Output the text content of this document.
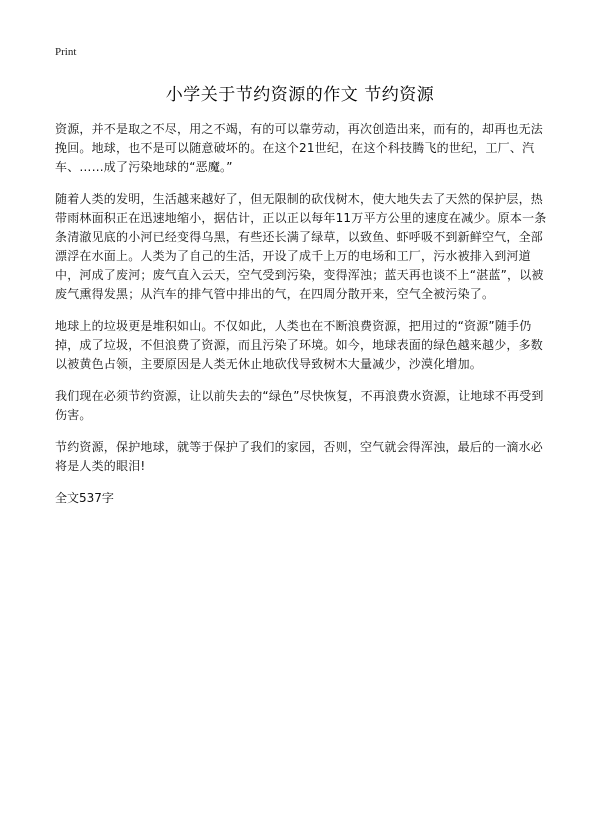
Print
小学关于节约资源的作文 节约资源

资源，并不是取之不尽，用之不竭，有的可以靠劳动，再次创造出来，而有的，却再也无法挽回。地球，也不是可以随意破坏的。在这个21世纪，在这个科技腾飞的世纪，工厂、汽车、……成了污染地球的“恶魔。”

随着人类的发明，生活越来越好了，但无限制的砍伐树木，使大地失去了天然的保护层，热带雨林面积正在迅速地缩小，据估计，正以正以每年11万平方公里的速度在减少。原本一条条清澈见底的小河已经变得乌黑，有些还长满了绿草，以致鱼、虾呼吸不到新鲜空气，全部漂浮在水面上。人类为了自己的生活，开设了成千上万的电场和工厂，污水被排入到河道中，河成了废河；废气直入云天，空气受到污染，变得浑浊；蓝天再也谈不上“湛蓝”，以被废气熏得发黑；从汽车的排气管中排出的气，在四周分散开来，空气全被污染了。

地球上的垃圾更是堆积如山。不仅如此，人类也在不断浪费资源，把用过的“资源”随手仍掉，成了垃圾，不但浪费了资源，而且污染了环境。如今，地球表面的绿色越来越少，多数以被黄色占领，主要原因是人类无休止地砍伐导致树木大量减少，沙漠化增加。

我们现在必须节约资源，让以前失去的“绿色”尽快恢复，不再浪费水资源，让地球不再受到伤害。

节约资源，保护地球，就等于保护了我们的家园，否则，空气就会得浑浊，最后的一滴水必将是人类的眼泪!

全文537字
